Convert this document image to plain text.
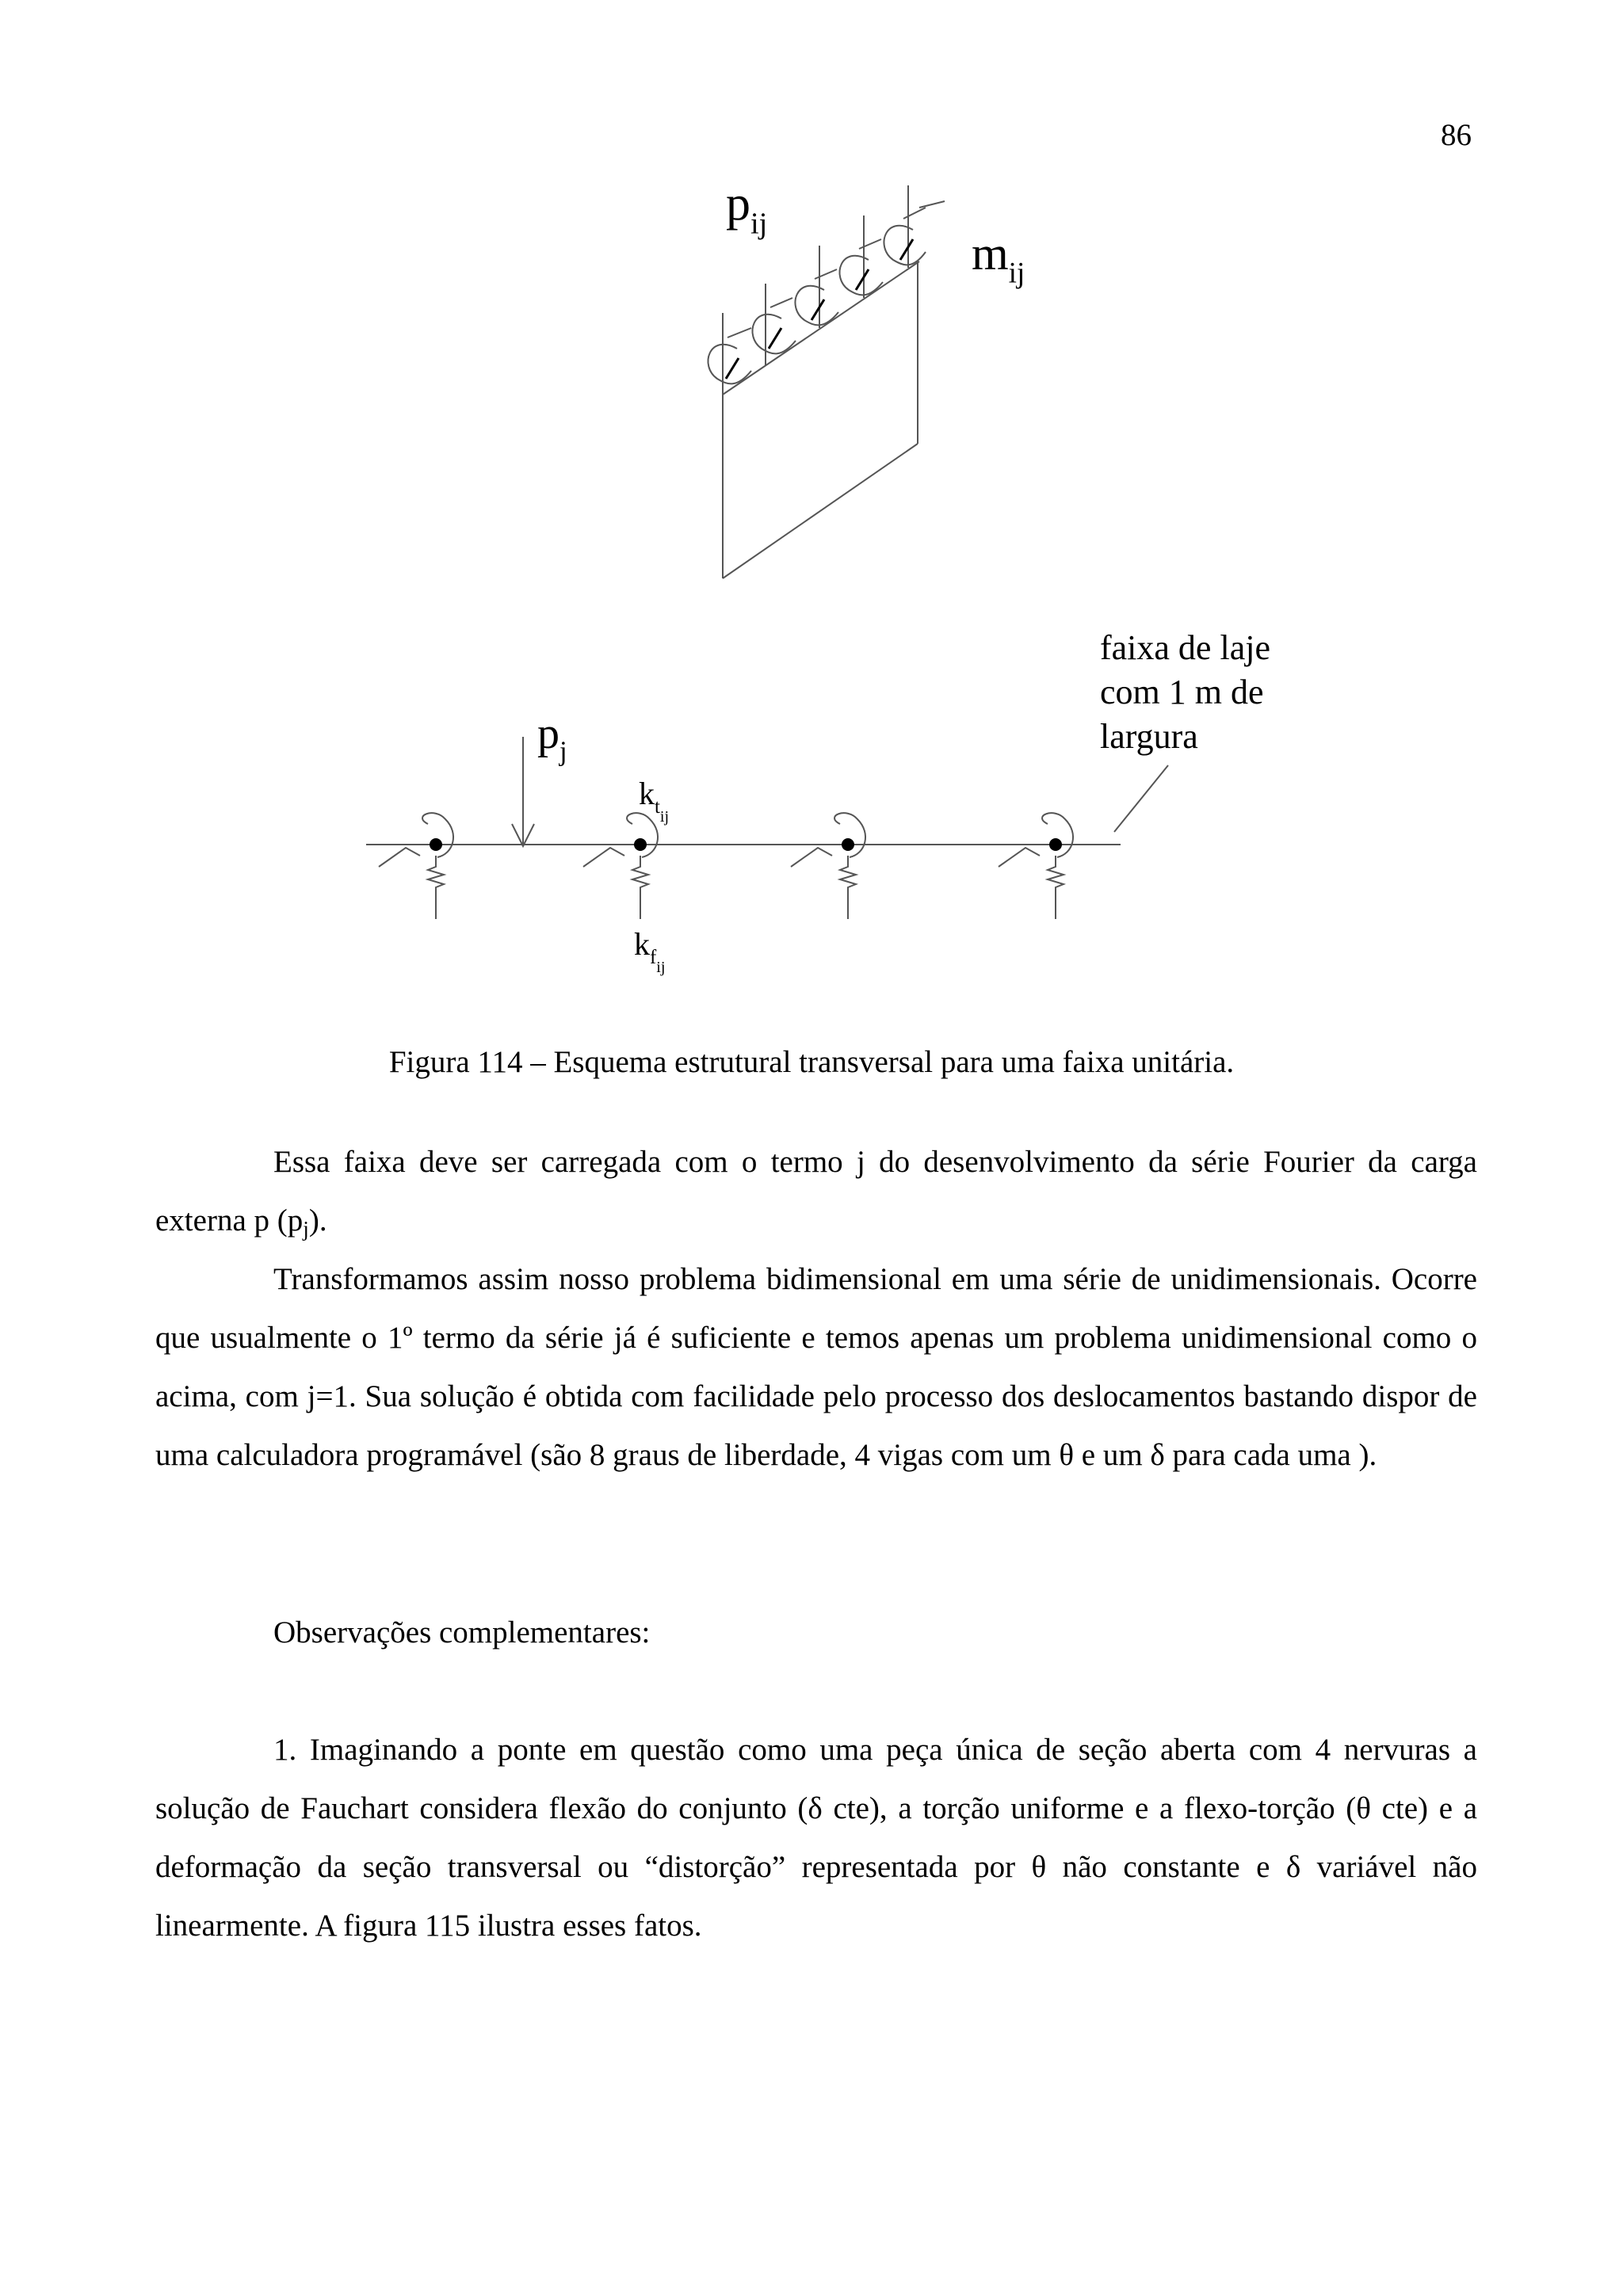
86
$p_{ij}$
$m_{ij}$
$p_j$
$k_{tij}$
$k_{fij}$
faixa de laje
com 1 m de
largura
Figura 114 – Esquema estrutural transversal para uma faixa unitária.

Essa faixa deve ser carregada com o termo j do desenvolvimento da série Fourier da carga externa p $(p_j)$.

Transformamos assim nosso problema bidimensional em uma série de unidimensionais. Ocorre que usualmente o 1º termo da série já é suficiente e temos apenas um problema unidimensional como o acima, com j=1. Sua solução é obtida com facilidade pelo processo dos deslocamentos bastando dispor de uma calculadora programável (são 8 graus de liberdade, 4 vigas com um θ e um δ para cada uma ).

Observações complementares:

1. Imaginando a ponte em questão como uma peça única de seção aberta com 4 nervuras a solução de Fauchart considera flexão do conjunto (δ cte), a torção uniforme e a flexo-torção (θ cte) e a deformação da seção transversal ou “distorção” representada por θ não constante e δ variável não linearmente. A figura 115 ilustra esses fatos.
